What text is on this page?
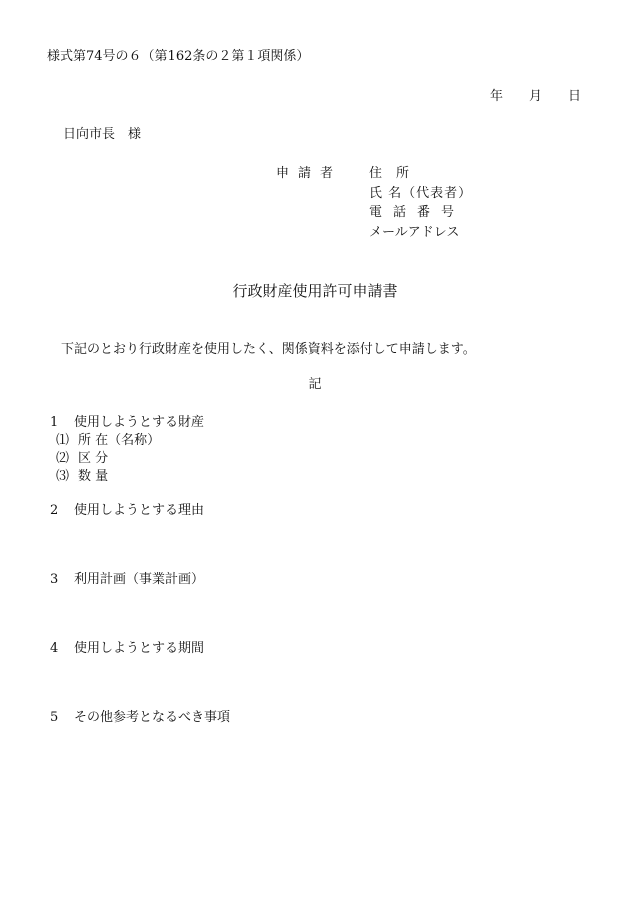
様式第74号の６（第162条の２第１項関係）
年 月 日
日向市長　様
申請者 住所
氏 名（代表者）
電話番号
メールアドレス
行政財産使用許可申請書
下記のとおり行政財産を使用したく、関係資料を添付して申請します。
記
1 使用しようとする財産
⑴ 所 在（名称）
⑵ 区 分
⑶ 数 量
2 使用しようとする理由
3 利用計画（事業計画）
4 使用しようとする期間
5 その他参考となるべき事項
